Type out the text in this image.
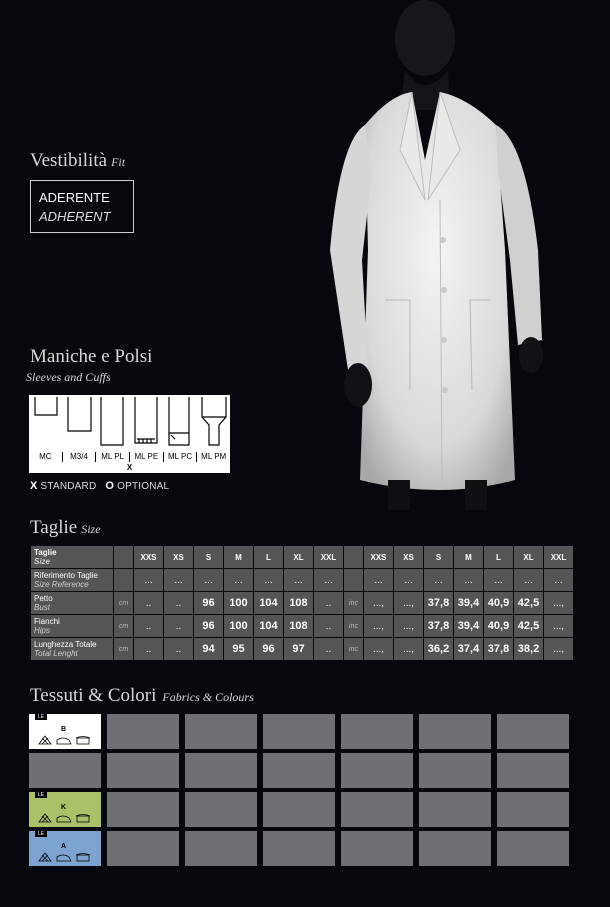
Vestibilità Fit
ADERENTE
ADHERENT
Maniche e Polsi
Sleeves and Cuffs
MC	M3/4	ML PL	ML PE	ML PC	ML PM
X
X STANDARD O OPTIONAL
Taglie Size
Taglie
Size		XXS	XS	S	M	L	XL	XXL		XXS	XS	S	M	L	XL	XXL
Riferimento Taglie
Size Reference		...	...	...	...	...	...	...		...	...	...	...	...	...	...
Petto
Bust	cm	..	..	96	100	104	108	..	inc	...,	...,	37,8	39,4	40,9	42,5	...,
Fianchi
Hips	cm	..	..	96	100	104	108	..	inc	...,	...,	37,8	39,4	40,9	42,5	...,
Lunghezza Totale
Total Lenght	cm	..	..	94	95	96	97	..	inc	...,	...,	36,2	37,4	37,8	38,2	...,
Tessuti & Colori Fabrics & Colours
LE
B
LE
K
LE
A
